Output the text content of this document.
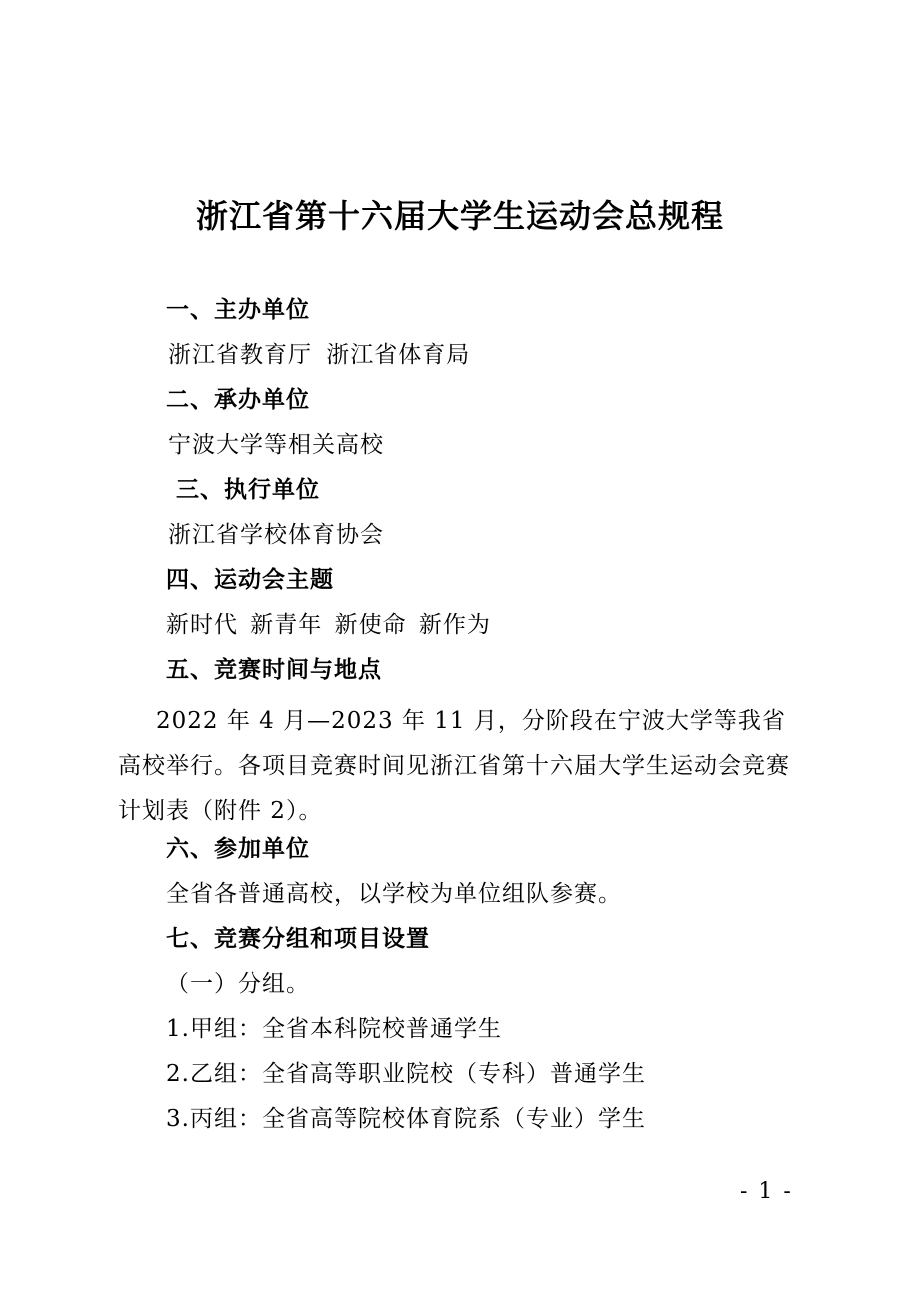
浙江省第十六届大学生运动会总规程
一、主办单位
浙江省教育厅 浙江省体育局
二、承办单位
宁波大学等相关高校
三、执行单位
浙江省学校体育协会
四、运动会主题
新时代 新青年 新使命 新作为
五、竞赛时间与地点
2022 年 4 月—2023 年 11 月，分阶段在宁波大学等我省高校举行。各项目竞赛时间见浙江省第十六届大学生运动会竞赛计划表（附件 2）。
六、参加单位
全省各普通高校，以学校为单位组队参赛。
七、竞赛分组和项目设置
（一）分组。
1.甲组：全省本科院校普通学生
2.乙组：全省高等职业院校（专科）普通学生
3.丙组：全省高等院校体育院系（专业）学生
- 1 -
